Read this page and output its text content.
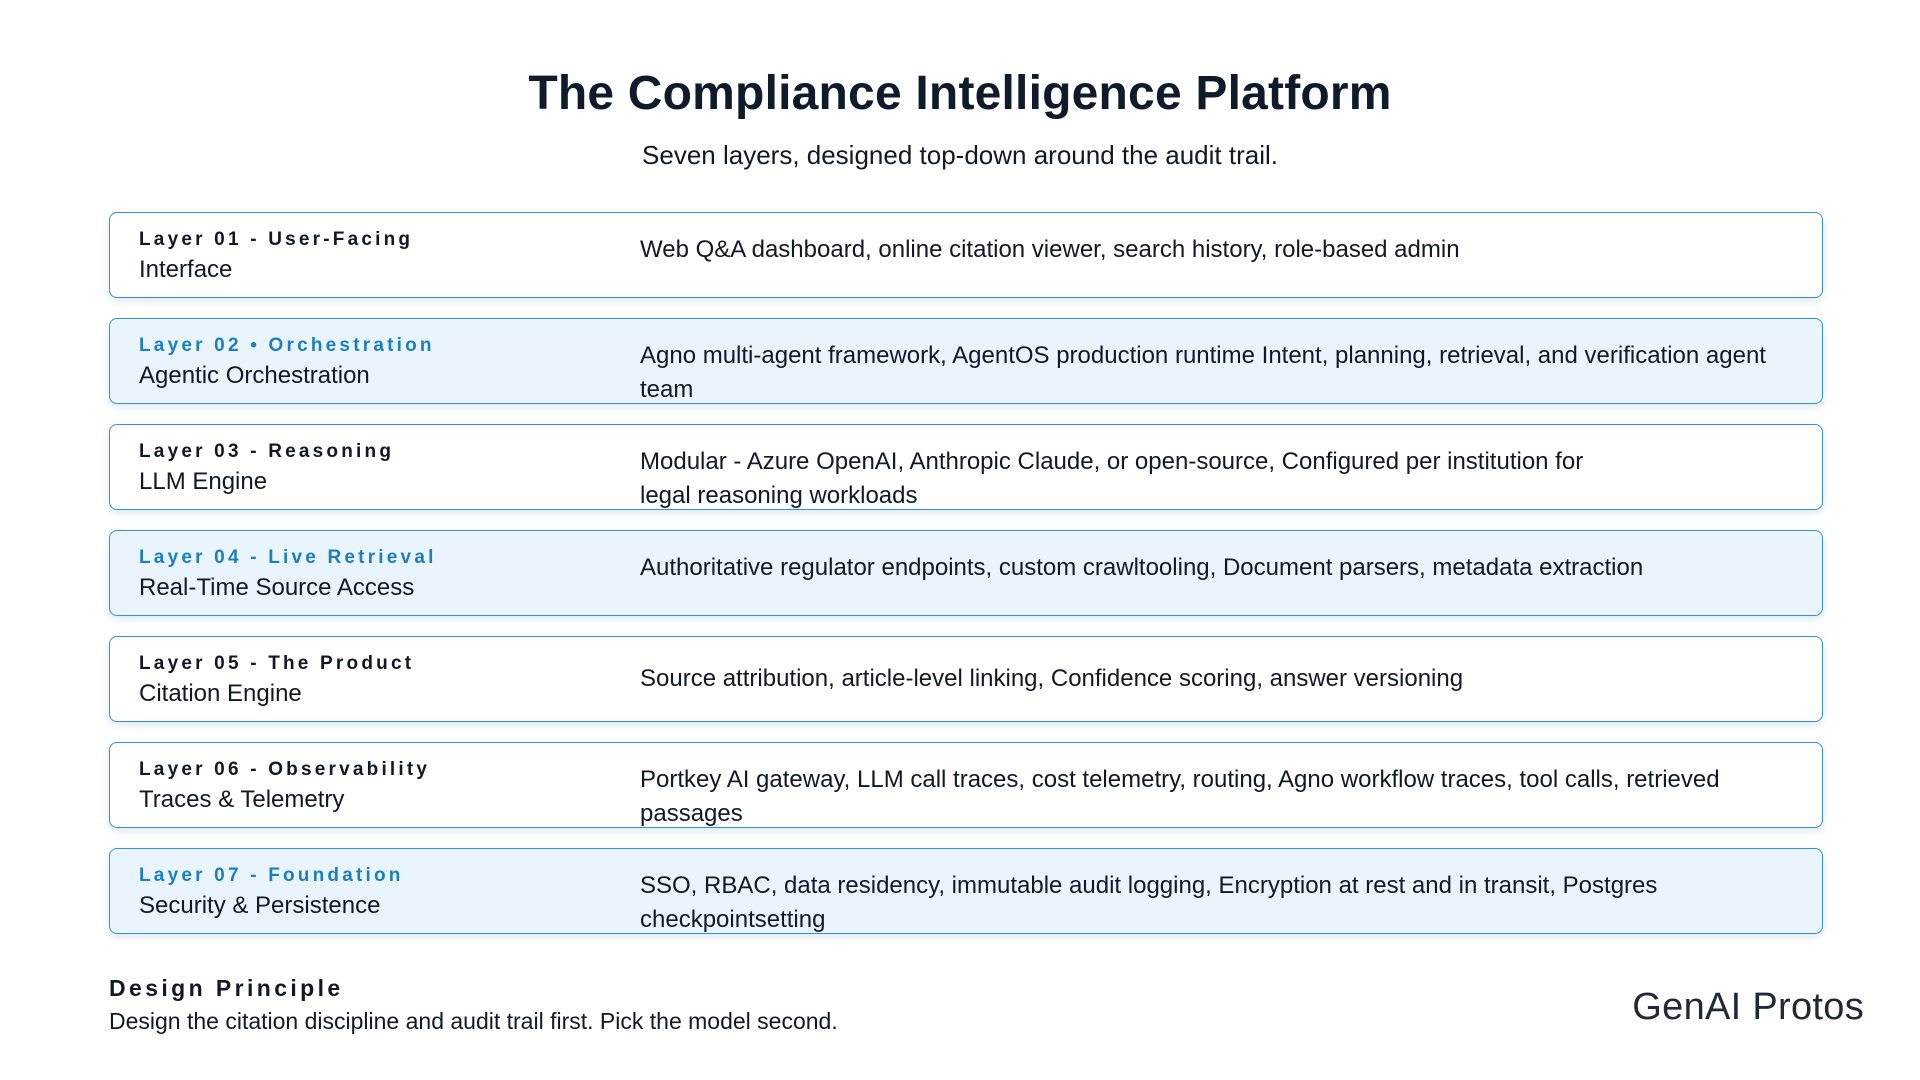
The Compliance Intelligence Platform
Seven layers, designed top-down around the audit trail.
Layer 01 - User-Facing
Interface
Web Q&A dashboard, online citation viewer, search history, role-based admin
Layer 02 • Orchestration
Agentic Orchestration
Agno multi-agent framework, AgentOS production runtime Intent, planning, retrieval, and verification agent team
Layer 03 - Reasoning
LLM Engine
Modular - Azure OpenAI, Anthropic Claude, or open-source, Configured per institution for legal reasoning workloads
Layer 04 - Live Retrieval
Real-Time Source Access
Authoritative regulator endpoints, custom crawltooling, Document parsers, metadata extraction
Layer 05 - The Product
Citation Engine
Source attribution, article-level linking, Confidence scoring, answer versioning
Layer 06 - Observability
Traces & Telemetry
Portkey AI gateway, LLM call traces, cost telemetry, routing, Agno workflow traces, tool calls, retrieved passages
Layer 07 - Foundation
Security & Persistence
SSO, RBAC, data residency, immutable audit logging, Encryption at rest and in transit, Postgres checkpointsetting
Design Principle
Design the citation discipline and audit trail first. Pick the model second.	GenAI Protos
